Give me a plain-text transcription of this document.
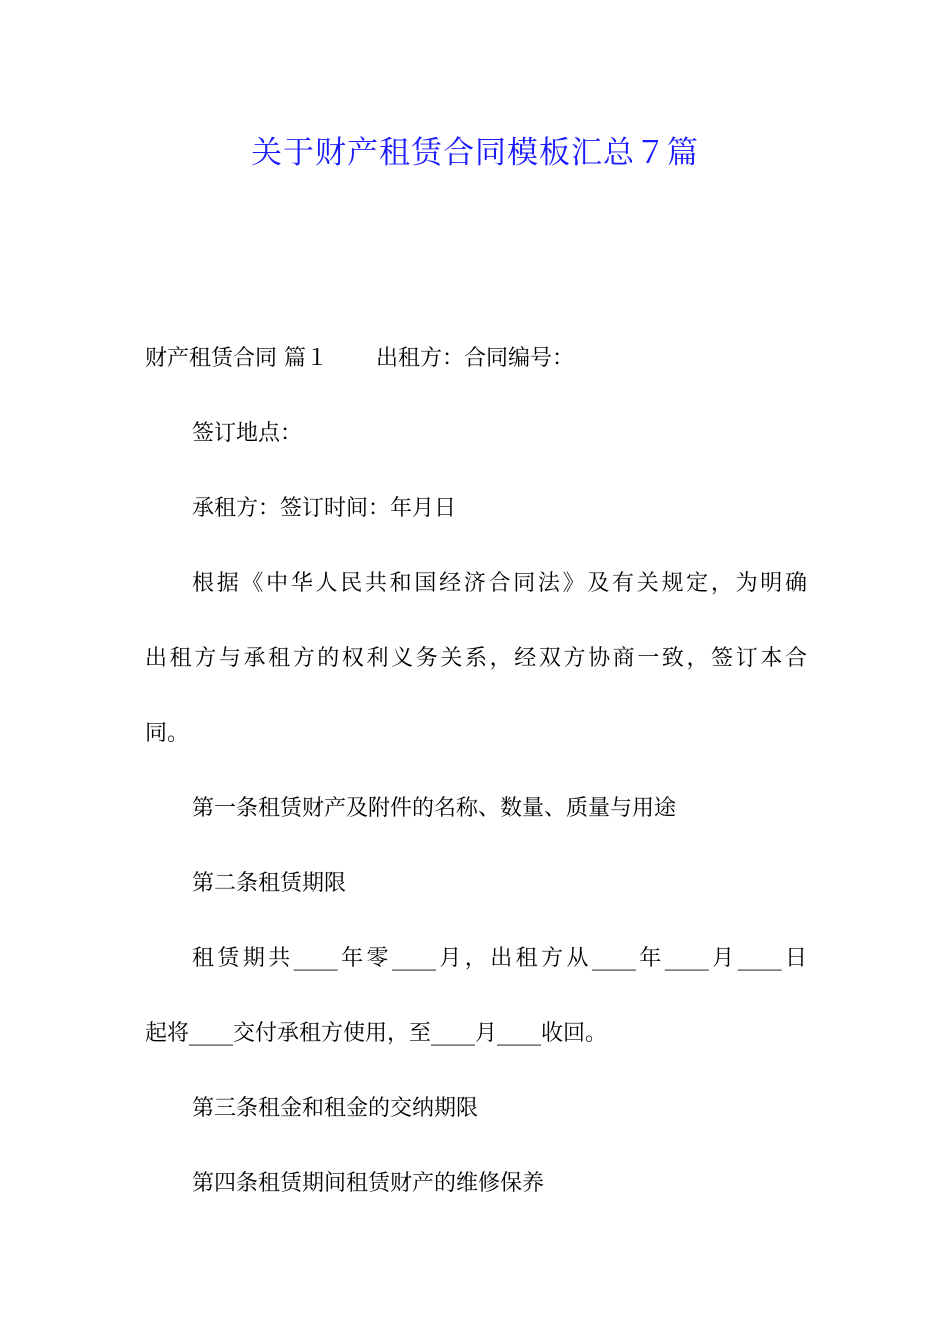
关于财产租赁合同模板汇总７篇
财产租赁合同 篇１ 出租方：合同编号：
签订地点：
承租方：签订时间：年月日
根据《中华人民共和国经济合同法》及有关规定，为明确
出租方与承租方的权利义务关系，经双方协商一致，签订本合
同。
第一条租赁财产及附件的名称、数量、质量与用途
第二条租赁期限
租赁期共____年零____月，出租方从____年____月____日
起将____交付承租方使用，至____月____收回。
第三条租金和租金的交纳期限
第四条租赁期间租赁财产的维修保养
